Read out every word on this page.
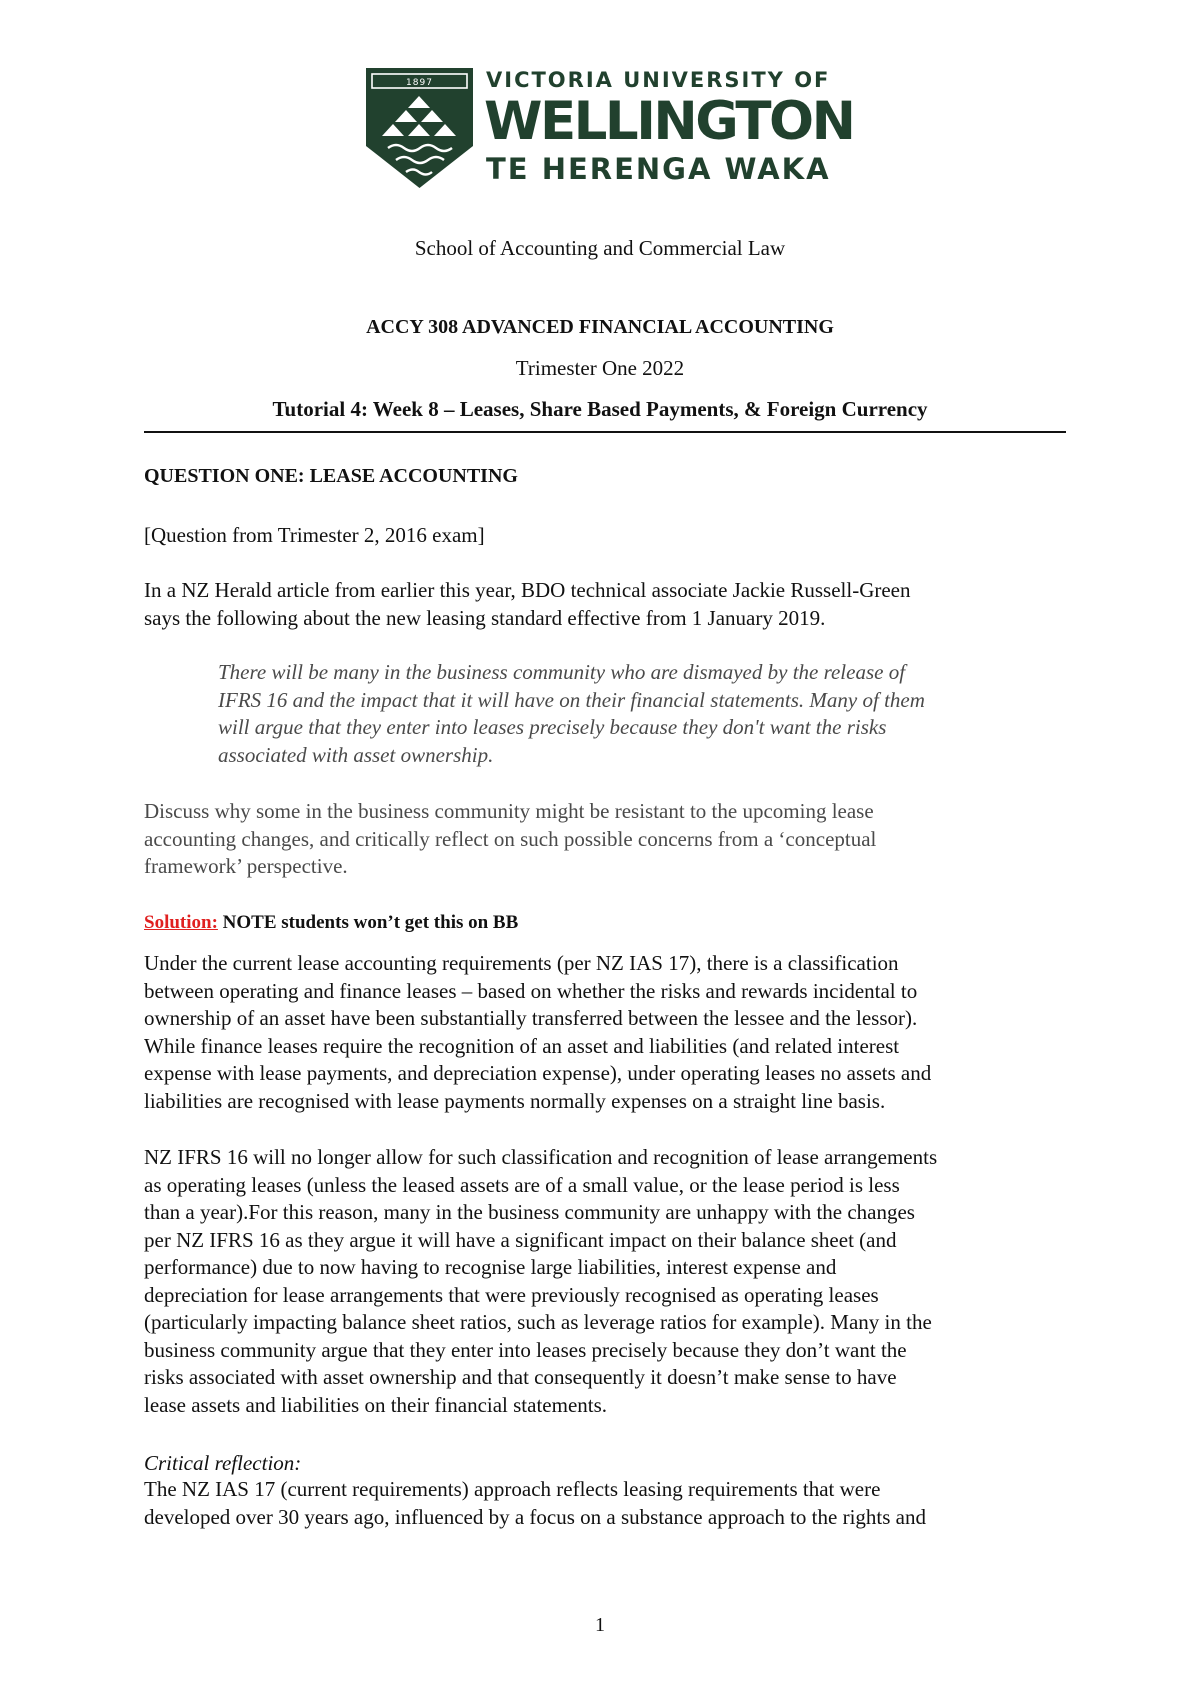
1897	VICTORIA UNIVERSITY OF
WELLINGTON
TE HERENGA WAKA
School of Accounting and Commercial Law
ACCY 308 ADVANCED FINANCIAL ACCOUNTING
Trimester One 2022
Tutorial 4: Week 8 – Leases, Share Based Payments, & Foreign Currency
QUESTION ONE: LEASE ACCOUNTING
[Question from Trimester 2, 2016 exam]
In a NZ Herald article from earlier this year, BDO technical associate Jackie Russell-Green
says the following about the new leasing standard effective from 1 January 2019.
There will be many in the business community who are dismayed by the release of
IFRS 16 and the impact that it will have on their financial statements. Many of them
will argue that they enter into leases precisely because they don't want the risks
associated with asset ownership.
Discuss why some in the business community might be resistant to the upcoming lease
accounting changes, and critically reflect on such possible concerns from a ‘conceptual
framework’ perspective.
Solution: NOTE students won’t get this on BB
Under the current lease accounting requirements (per NZ IAS 17), there is a classification
between operating and finance leases – based on whether the risks and rewards incidental to
ownership of an asset have been substantially transferred between the lessee and the lessor).
While finance leases require the recognition of an asset and liabilities (and related interest
expense with lease payments, and depreciation expense), under operating leases no assets and
liabilities are recognised with lease payments normally expenses on a straight line basis.
NZ IFRS 16 will no longer allow for such classification and recognition of lease arrangements
as operating leases (unless the leased assets are of a small value, or the lease period is less
than a year).For this reason, many in the business community are unhappy with the changes
per NZ IFRS 16 as they argue it will have a significant impact on their balance sheet (and
performance) due to now having to recognise large liabilities, interest expense and
depreciation for lease arrangements that were previously recognised as operating leases
(particularly impacting balance sheet ratios, such as leverage ratios for example). Many in the
business community argue that they enter into leases precisely because they don’t want the
risks associated with asset ownership and that consequently it doesn’t make sense to have
lease assets and liabilities on their financial statements.
Critical reflection:
The NZ IAS 17 (current requirements) approach reflects leasing requirements that were
developed over 30 years ago, influenced by a focus on a substance approach to the rights and
1
